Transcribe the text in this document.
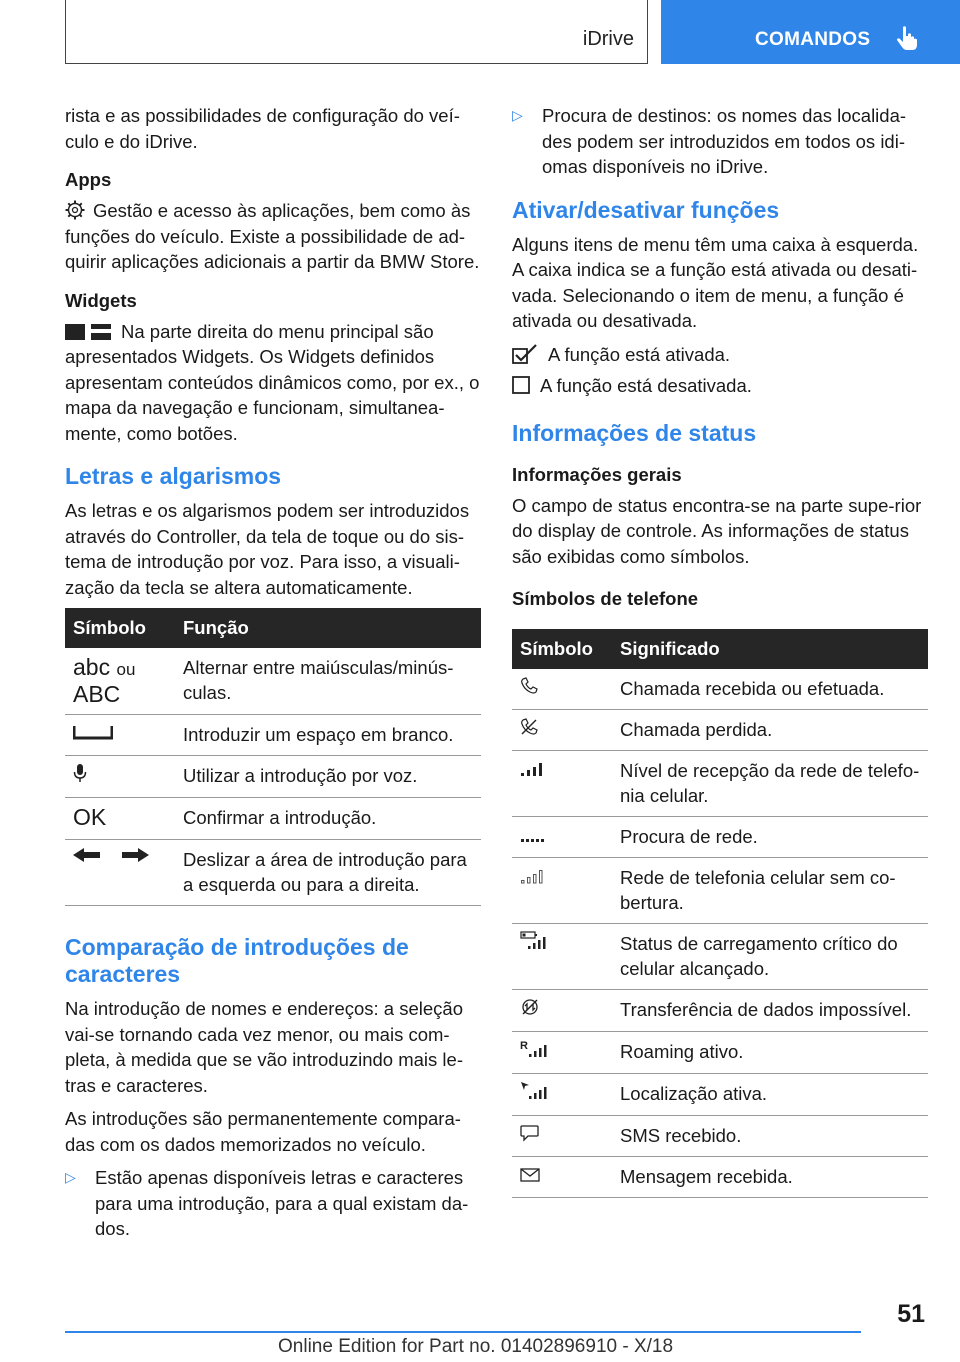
iDrive	COMANDOS

rista e as possibilidades de configuração do veí-culo e do iDrive.

Apps

Gestão e acesso às aplicações, bem como às funções do veículo. Existe a possibilidade de ad-quirir aplicações adicionais a partir da BMW Store.

Widgets

Na parte direita do menu principal são apresentados Widgets. Os Widgets definidos apresentam conteúdos dinâmicos como, por ex., o mapa da navegação e funcionam, simultanea-mente, como botões.

Letras e algarismos

As letras e os algarismos podem ser introduzidos através do Controller, da tela de toque ou do sis-tema de introdução por voz. Para isso, a visuali-zação da tecla se altera automaticamente.

Símbolo	Função

abc ou
ABC	Alternar entre maiúsculas/minús-culas.
	Introduzir um espaço em branco.
	Utilizar a introdução por voz.
OK	Confirmar a introdução.

	Deslizar a área de introdução para a esquerda ou para a direita.
Comparação de introduções de caracteres

Na introdução de nomes e endereços: a seleção vai-se tornando cada vez menor, ou mais com-pleta, à medida que se vão introduzindo mais le-tras e caracteres.

As introduções são permanentemente compara-das com os dados memorizados no veículo.

▷ Estão apenas disponíveis letras e caracteres para uma introdução, para a qual existam da-dos.
▷ Procura de destinos: os nomes das localida-des podem ser introduzidos em todos os idi-omas disponíveis no iDrive.
Ativar/desativar funções

Alguns itens de menu têm uma caixa à esquerda. A caixa indica se a função está ativada ou desati-vada. Selecionando o item de menu, a função é ativada ou desativada.

A função está ativada.
A função está desativada.
Informações de status
Informações gerais

O campo de status encontra-se na parte supe-rior do display de controle. As informações de status são exibidas como símbolos.

Símbolos de telefone
Símbolo	Significado
	Chamada recebida ou efetuada.
	Chamada perdida.
	Nível de recepção da rede de telefo-nia celular.
	Procura de rede.
	Rede de telefonia celular sem co-bertura.
	Status de carregamento crítico do celular alcançado.
	Transferência de dados impossível.

R	Roaming ativo.
	Localização ativa.
	SMS recebido.
	Mensagem recebida.
51
Online Edition for Part no. 01402896910 - X/18
